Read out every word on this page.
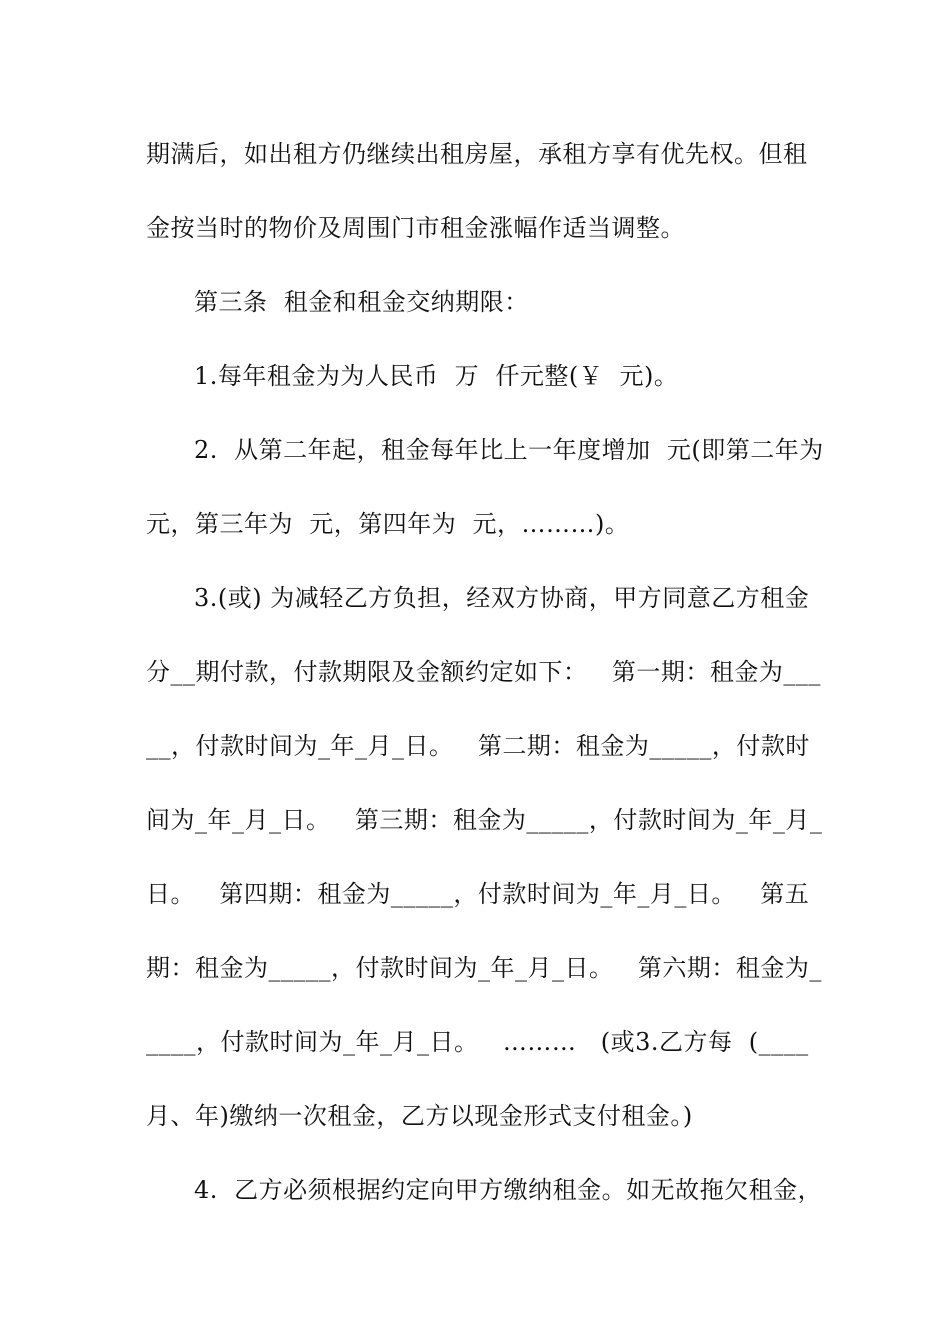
期满后，如出租方仍继续出租房屋，承租方享有优先权。但租
金按当时的物价及周围门市租金涨幅作适当调整。
第三条  租金和租金交纳期限：
1.每年租金为为人民币  万  仟元整(￥  元)。
2.  从第二年起，租金每年比上一年度增加  元(即第二年为
元，第三年为  元，第四年为  元，………)。
3.(或) 为减轻乙方负担，经双方协商，甲方同意乙方租金
分__期付款，付款期限及金额约定如下：   第一期：租金为___
__，付款时间为_年_月_日。   第二期：租金为_____，付款时
间为_年_月_日。   第三期：租金为_____，付款时间为_年_月_
日。   第四期：租金为_____，付款时间为_年_月_日。   第五
期：租金为_____，付款时间为_年_月_日。   第六期：租金为_
____，付款时间为_年_月_日。   ………   (或3.乙方每  (____
月、年)缴纳一次租金，乙方以现金形式支付租金。)
4.  乙方必须根据约定向甲方缴纳租金。如无故拖欠租金，
